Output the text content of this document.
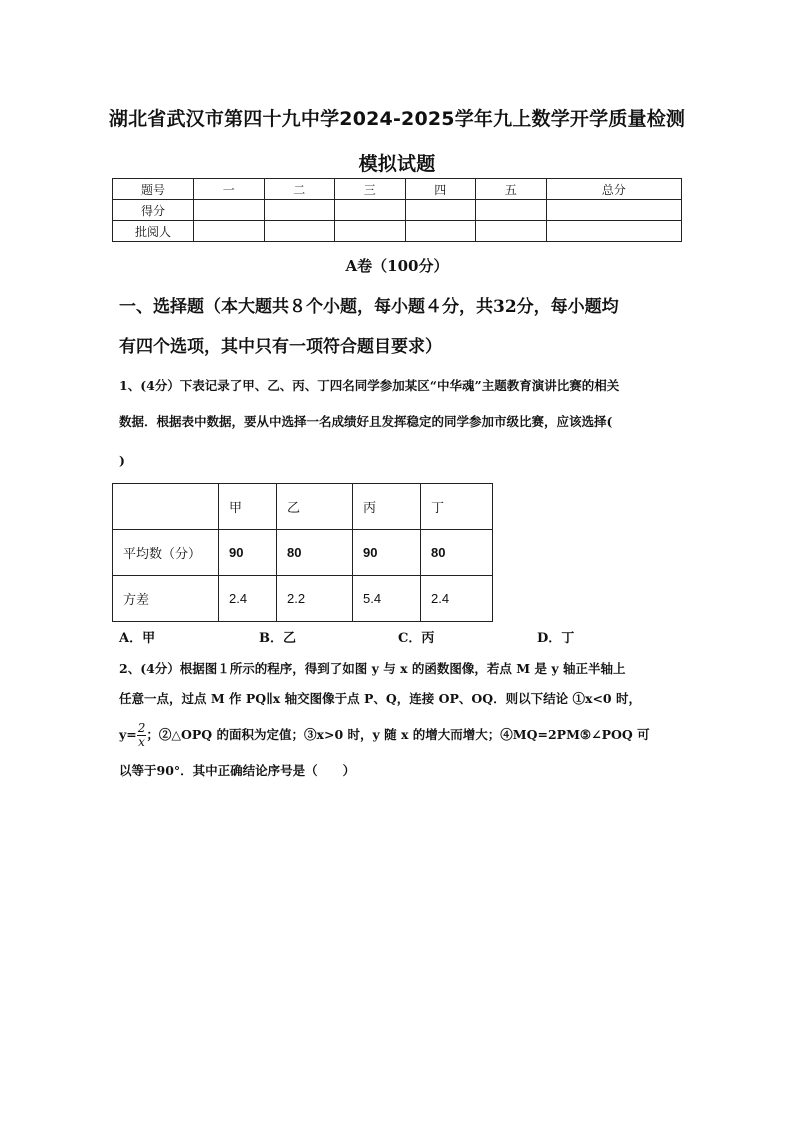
湖北省武汉市第四十九中学2024-2025学年九上数学开学质量检测
模拟试题
题号	一	二	三	四	五	总分
得分						
批阅人						
A卷（100分）
一、选择题（本大题共８个小题，每小题４分，共32分，每小题均
有四个选项，其中只有一项符合题目要求）
1、(4分）下表记录了甲、乙、丙、丁四名同学参加某区“中华魂”主题教育演讲比赛的相关
数据．根据表中数据，要从中选择一名成绩好且发挥稳定的同学参加市级比赛，应该选择(
)
	甲	乙	丙	丁
平均数（分）	90	80	90	80
方差	2.4	2.2	5.4	2.4
A．甲	B．乙	C．丙	D．丁
2、(4分）根据图１所示的程序，得到了如图 y 与 x 的函数图像，若点 M 是 y 轴正半轴上
任意一点，过点 M 作 PQ∥x 轴交图像于点 P、Q，连接 OP、OQ．则以下结论 ①x<0 时，
$y= \frac{2}{x}$ ；②△OPQ 的面积为定值；③x>0 时，y 随 x 的增大而增大；④MQ=2PM⑤∠POQ 可
以等于90°．其中正确结论序号是（　　）
